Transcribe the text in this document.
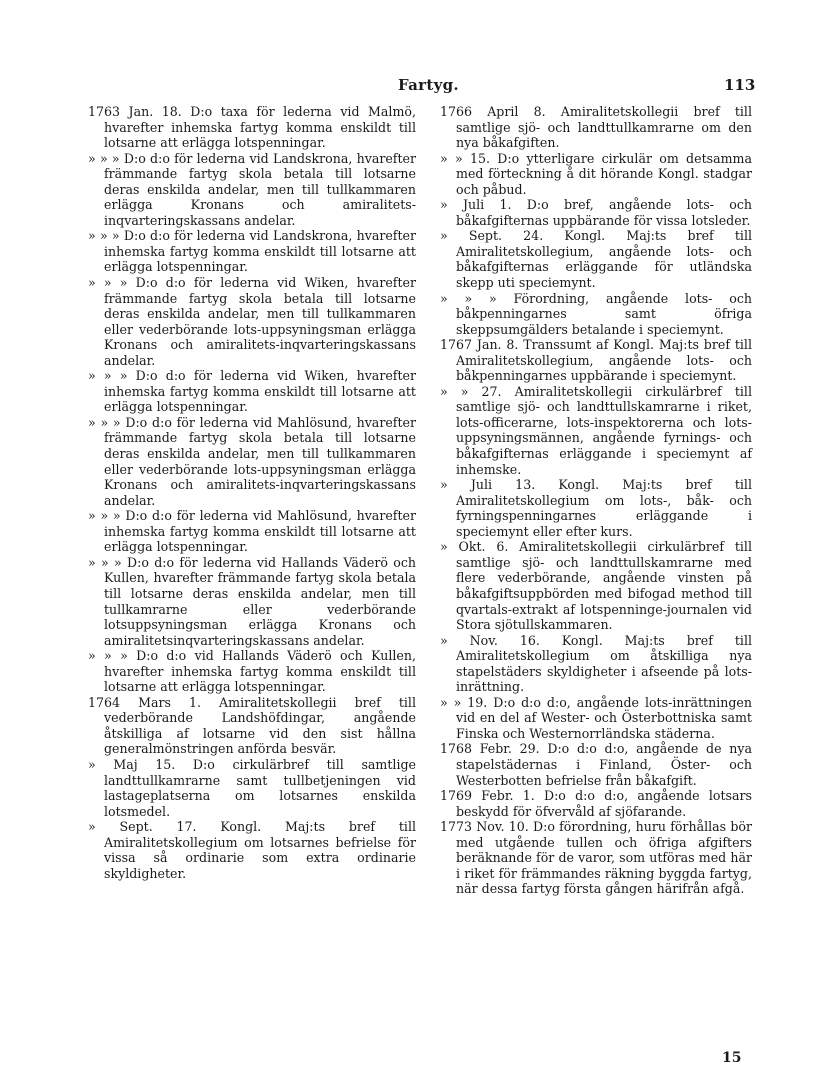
Fartyg.	113

1763 Jan. 18. D:o taxa för lederna vid Malmö, hvarefter inhemska fartyg komma enskildt till lotsarne att erlägga lotspenningar.

» » » D:o d:o för lederna vid Landskrona, hvarefter främmande fartyg skola betala till lotsarne deras enskilda andelar, men till tullkammaren erlägga Kronans och amiralitets-inqvarteringskassans andelar.

» » » D:o d:o för lederna vid Landskrona, hvarefter inhemska fartyg komma enskildt till lotsarne att erlägga lotspenningar.

» » » D:o d:o för lederna vid Wiken, hvarefter främmande fartyg skola betala till lotsarne deras enskilda andelar, men till tullkammaren eller vederbörande lots-uppsyningsman erlägga Kronans och amiralitets-inqvarteringskassans andelar.

» » » D:o d:o för lederna vid Wiken, hvarefter inhemska fartyg komma enskildt till lotsarne att erlägga lotspenningar.

» » » D:o d:o för lederna vid Mahlösund, hvarefter främmande fartyg skola betala till lotsarne deras enskilda andelar, men till tullkammaren eller vederbörande lots-uppsyningsman erlägga Kronans och amiralitets-inqvarteringskassans andelar.

» » » D:o d:o för lederna vid Mahlösund, hvarefter inhemska fartyg komma enskildt till lotsarne att erlägga lotspenningar.

» » » D:o d:o för lederna vid Hallands Väderö och Kullen, hvarefter främmande fartyg skola betala till lotsarne deras enskilda andelar, men till tullkamrarne eller vederbörande lotsuppsyningsman erlägga Kronans och amiralitetsinqvarteringskassans andelar.

» » » D:o d:o vid Hallands Väderö och Kullen, hvarefter inhemska fartyg komma enskildt till lotsarne att erlägga lotspenningar.

1764 Mars 1. Amiralitetskollegii bref till vederbörande Landshöfdingar, angående åtskilliga af lotsarne vid den sist hållna generalmönstringen anförda besvär.

» Maj 15. D:o cirkulärbref till samtlige landttullkamrarne samt tullbetjeningen vid lastageplatserna om lotsarnes enskilda lotsmedel.

» Sept. 17. Kongl. Maj:ts bref till Amiralitetskollegium om lotsarnes befrielse för vissa så ordinarie som extra ordinarie skyldigheter.

1766 April 8. Amiralitetskollegii bref till samtlige sjö- och landttullkamrarne om den nya båkafgiften.

» » 15. D:o ytterligare cirkulär om detsamma med förteckning å dit hörande Kongl. stadgar och påbud.

» Juli 1. D:o bref, angående lots- och båkafgifternas uppbärande för vissa lotsleder.

» Sept. 24. Kongl. Maj:ts bref till Amiralitetskollegium, angående lots- och båkafgifternas erläggande för utländska skepp uti speciemynt.

» » » Förordning, angående lots- och båkpenningarnes samt öfriga skeppsumgälders betalande i speciemynt.

1767 Jan. 8. Transsumt af Kongl. Maj:ts bref till Amiralitetskollegium, angående lots- och båkpenningarnes uppbärande i speciemynt.

» » 27. Amiralitetskollegii cirkulärbref till samtlige sjö- och landttullskamrarne i riket, lots-officerarne, lots-inspektorerna och lots-uppsyningsmännen, angående fyrnings- och båkafgifternas erläggande i speciemynt af inhemske.

» Juli 13. Kongl. Maj:ts bref till Amiralitetskollegium om lots-, båk- och fyrningspenningarnes erläggande i speciemynt eller efter kurs.

» Okt. 6. Amiralitetskollegii cirkulärbref till samtlige sjö- och landttullskamrarne med flere vederbörande, angående vinsten på båkafgiftsuppbörden med bifogad method till qvartals-extrakt af lotspenninge-journalen vid Stora sjötullskammaren.

» Nov. 16. Kongl. Maj:ts bref till Amiralitetskollegium om åtskilliga nya stapelstäders skyldigheter i afseende på lots-inrättning.

» » 19. D:o d:o d:o, angående lots-inrättningen vid en del af Wester- och Österbottniska samt Finska och Westernorrländska städerna.

1768 Febr. 29. D:o d:o d:o, angående de nya stapelstädernas i Finland, Öster- och Westerbotten befrielse från båkafgift.

1769 Febr. 1. D:o d:o d:o, angående lotsars beskydd för öfvervåld af sjöfarande.

1773 Nov. 10. D:o förordning, huru förhållas bör med utgående tullen och öfriga afgifters beräknande för de varor, som utföras med här i riket för främmandes räkning byggda fartyg, när dessa fartyg första gången härifrån afgå.

15
